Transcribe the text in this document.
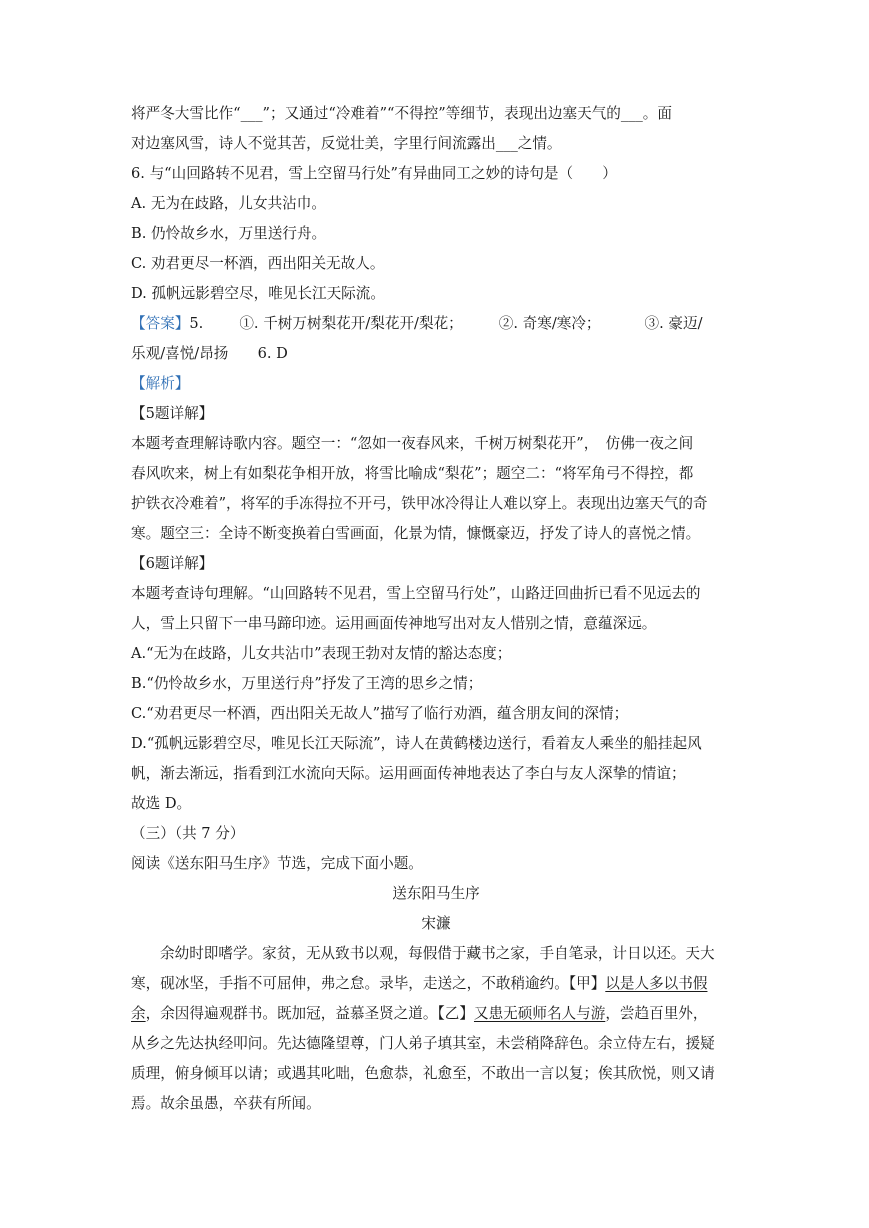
将严冬大雪比作“___”；又通过“冷难着”“不得控”等细节，表现出边塞天气的___。面
对边塞风雪，诗人不觉其苦，反觉壮美，字里行间流露出___之情。
6. 与“山回路转不见君，雪上空留马行处”有异曲同工之妙的诗句是（　　）
A. 无为在歧路，儿女共沾巾。
B. 仍怜故乡水，万里送行舟。
C. 劝君更尽一杯酒，西出阳关无故人。
D. 孤帆远影碧空尽，唯见长江天际流。
【答案】5. ①. 千树万树梨花开/梨花开/梨花； ②. 奇寒/寒冷；	③. 豪迈/
乐观/喜悦/昂扬　　6. D
【解析】
【5题详解】
本题考查理解诗歌内容。题空一：“忽如一夜春风来，千树万树梨花开”，　仿佛一夜之间
春风吹来，树上有如梨花争相开放，将雪比喻成“梨花”；题空二：“将军角弓不得控，都
护铁衣冷难着”，将军的手冻得拉不开弓，铁甲冰冷得让人难以穿上。表现出边塞天气的奇
寒。题空三：全诗不断变换着白雪画面，化景为情，慷慨豪迈，抒发了诗人的喜悦之情。
【6题详解】
本题考查诗句理解。“山回路转不见君，雪上空留马行处”，山路迂回曲折已看不见远去的
人，雪上只留下一串马蹄印迹。运用画面传神地写出对友人惜别之情，意蕴深远。
A.“无为在歧路，儿女共沾巾”表现王勃对友情的豁达态度；
B.“仍怜故乡水，万里送行舟”抒发了王湾的思乡之情；
C.“劝君更尽一杯酒，西出阳关无故人”描写了临行劝酒，蕴含朋友间的深情；
D.“孤帆远影碧空尽，唯见长江天际流”，诗人在黄鹤楼边送行，看着友人乘坐的船挂起风
帆，渐去渐远，指看到江水流向天际。运用画面传神地表达了李白与友人深挚的情谊；
故选 D。
（三）（共 7 分）
阅读《送东阳马生序》节选，完成下面小题。
送东阳马生序
宋濂
余幼时即嗜学。家贫，无从致书以观，每假借于藏书之家，手自笔录，计日以还。天大
寒，砚冰坚，手指不可屈伸，弗之怠。录毕，走送之，不敢稍逾约。【甲】以是人多以书假
余，余因得遍观群书。既加冠，益慕圣贤之道。【乙】又患无硕师名人与游，尝趋百里外，
从乡之先达执经叩问。先达德隆望尊，门人弟子填其室，未尝稍降辞色。余立侍左右，援疑
质理，俯身倾耳以请；或遇其叱咄，色愈恭，礼愈至，不敢出一言以复；俟其欣悦，则又请
焉。故余虽愚，卒获有所闻。
